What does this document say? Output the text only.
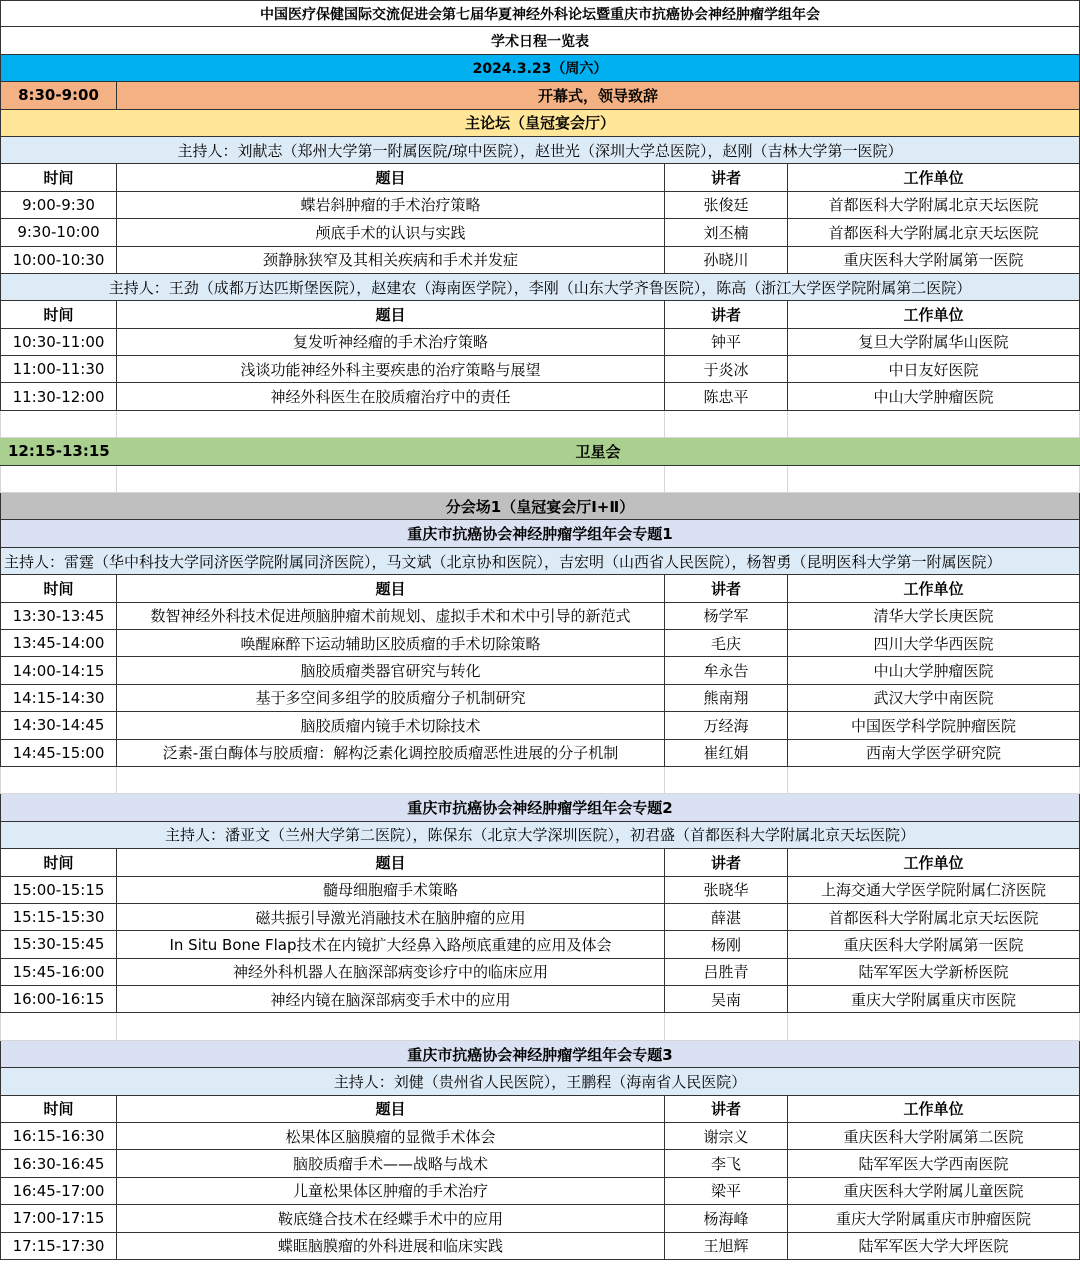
中国医疗保健国际交流促进会第七届华夏神经外科论坛暨重庆市抗癌协会神经肿瘤学组年会
学术日程一览表
2024.3.23（周六）
8:30-9:00	开幕式，领导致辞
主论坛（皇冠宴会厅）
主持人：刘献志（郑州大学第一附属医院/琼中医院），赵世光（深圳大学总医院），赵刚（吉林大学第一医院）
时间	题目	讲者	工作单位
9:00-9:30	蝶岩斜肿瘤的手术治疗策略	张俊廷	首都医科大学附属北京天坛医院
9:30-10:00	颅底手术的认识与实践	刘丕楠	首都医科大学附属北京天坛医院
10:00-10:30	颈静脉狭窄及其相关疾病和手术并发症	孙晓川	重庆医科大学附属第一医院
主持人：王劲（成都万达匹斯堡医院），赵建农（海南医学院），李刚（山东大学齐鲁医院），陈高（浙江大学医学院附属第二医院）
时间	题目	讲者	工作单位
10:30-11:00	复发听神经瘤的手术治疗策略	钟平	复旦大学附属华山医院
11:00-11:30	浅谈功能神经外科主要疾患的治疗策略与展望	于炎冰	中日友好医院
11:30-12:00	神经外科医生在胶质瘤治疗中的责任	陈忠平	中山大学肿瘤医院
12:15-13:15	卫星会
分会场1（皇冠宴会厅Ⅰ+Ⅱ）
重庆市抗癌协会神经肿瘤学组年会专题1
主持人：雷霆（华中科技大学同济医学院附属同济医院），马文斌（北京协和医院），吉宏明（山西省人民医院），杨智勇（昆明医科大学第一附属医院）
时间	题目	讲者	工作单位
13:30-13:45	数智神经外科技术促进颅脑肿瘤术前规划、虚拟手术和术中引导的新范式	杨学军	清华大学长庚医院
13:45-14:00	唤醒麻醉下运动辅助区胶质瘤的手术切除策略	毛庆	四川大学华西医院
14:00-14:15	脑胶质瘤类器官研究与转化	牟永告	中山大学肿瘤医院
14:15-14:30	基于多空间多组学的胶质瘤分子机制研究	熊南翔	武汉大学中南医院
14:30-14:45	脑胶质瘤内镜手术切除技术	万经海	中国医学科学院肿瘤医院
14:45-15:00	泛素-蛋白酶体与胶质瘤：解构泛素化调控胶质瘤恶性进展的分子机制	崔红娟	西南大学医学研究院
重庆市抗癌协会神经肿瘤学组年会专题2
主持人：潘亚文（兰州大学第二医院），陈保东（北京大学深圳医院），初君盛（首都医科大学附属北京天坛医院）
时间	题目	讲者	工作单位
15:00-15:15	髓母细胞瘤手术策略	张晓华	上海交通大学医学院附属仁济医院
15:15-15:30	磁共振引导激光消融技术在脑肿瘤的应用	薛湛	首都医科大学附属北京天坛医院
15:30-15:45	In Situ Bone Flap技术在内镜扩大经鼻入路颅底重建的应用及体会	杨刚	重庆医科大学附属第一医院
15:45-16:00	神经外科机器人在脑深部病变诊疗中的临床应用	吕胜青	陆军军医大学新桥医院
16:00-16:15	神经内镜在脑深部病变手术中的应用	吴南	重庆大学附属重庆市医院
重庆市抗癌协会神经肿瘤学组年会专题3
主持人：刘健（贵州省人民医院），王鹏程（海南省人民医院）
时间	题目	讲者	工作单位
16:15-16:30	松果体区脑膜瘤的显微手术体会	谢宗义	重庆医科大学附属第二医院
16:30-16:45	脑胶质瘤手术——战略与战术	李飞	陆军军医大学西南医院
16:45-17:00	儿童松果体区肿瘤的手术治疗	梁平	重庆医科大学附属儿童医院
17:00-17:15	鞍底缝合技术在经蝶手术中的应用	杨海峰	重庆大学附属重庆市肿瘤医院
17:15-17:30	蝶眶脑膜瘤的外科进展和临床实践	王旭辉	陆军军医大学大坪医院
